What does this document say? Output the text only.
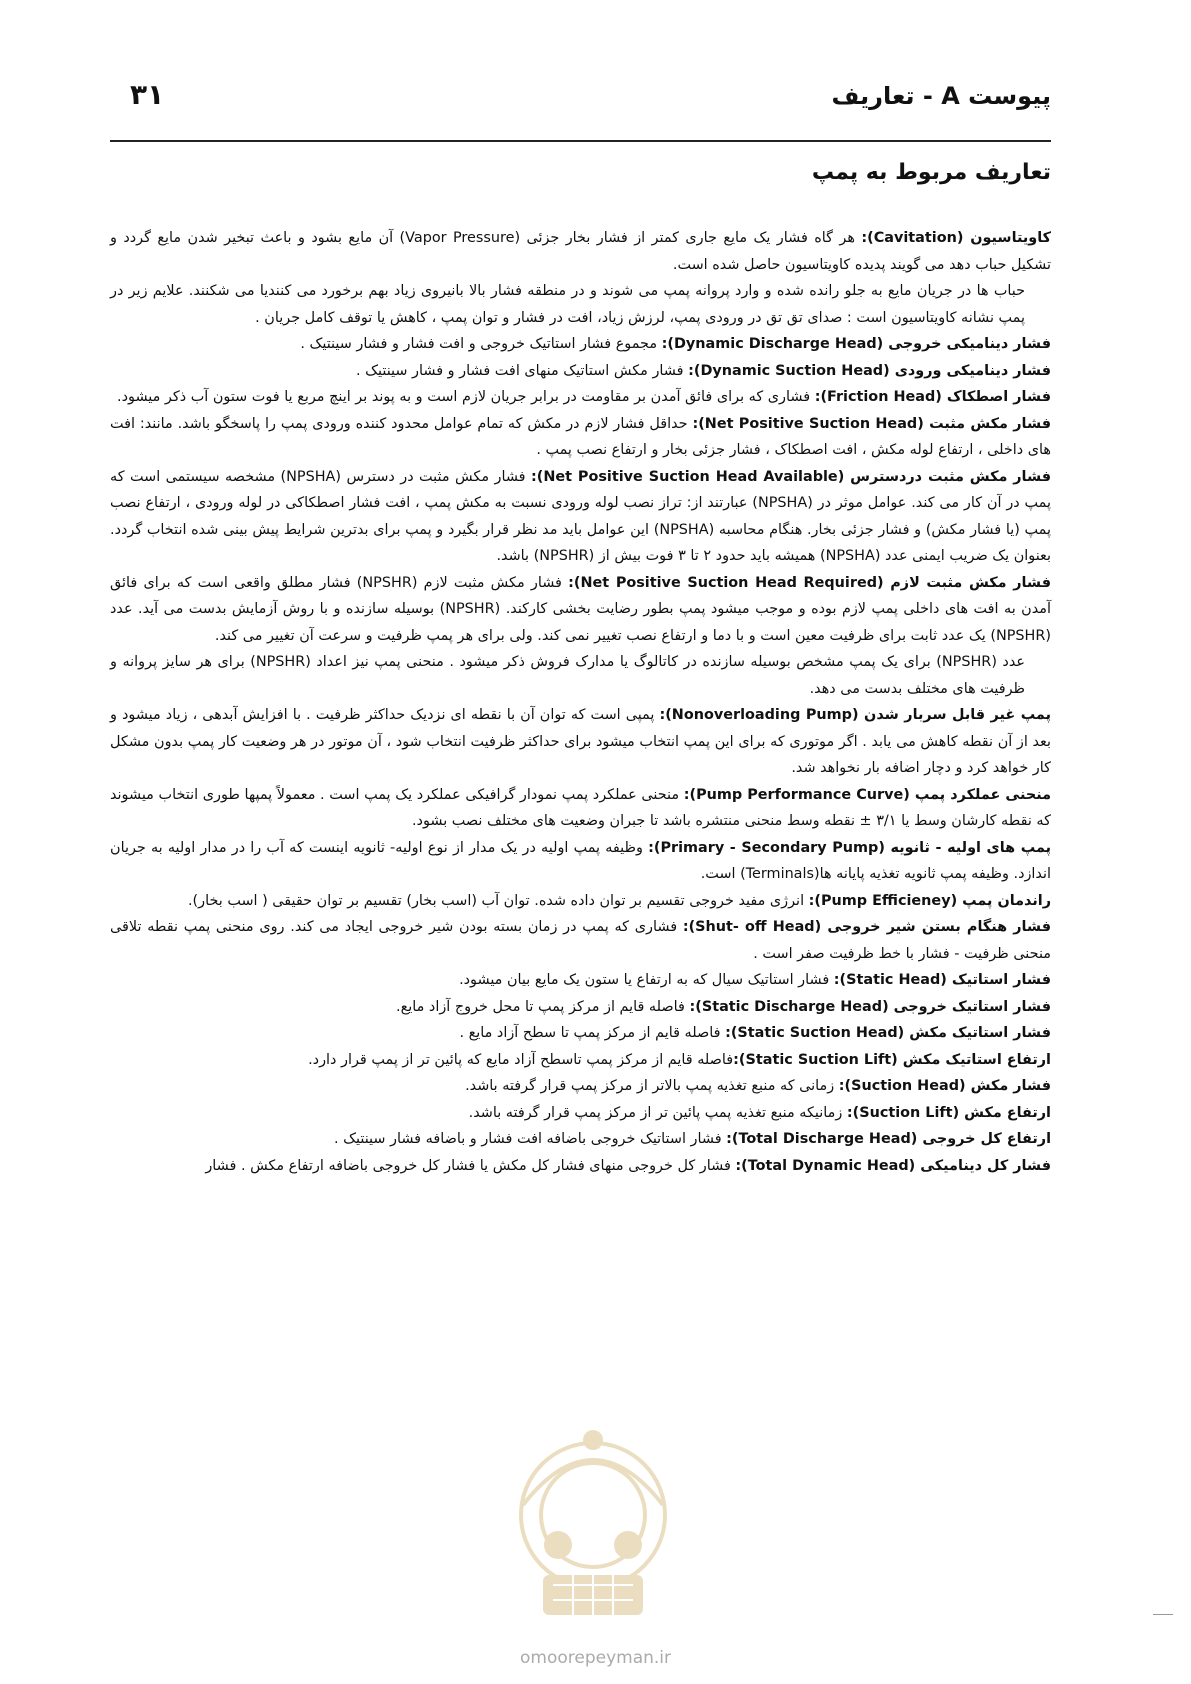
پیوست A - تعاریف
۳۱
تعاریف مربوط به پمپ

کاویتاسیون (Cavitation): هر گاه فشار یک مایع جاری کمتر از فشار بخار جزئی (Vapor Pressure) آن مایع بشود و باعث تبخیر شدن مایع گردد و تشکیل حباب دهد می گویند پدیده کاویتاسیون حاصل شده است.

حباب ها در جریان مایع به جلو رانده شده و وارد پروانه پمپ می شوند و در منطقه فشار بالا بانیروی زیاد بهم برخورد می کنندیا می شکنند. علایم زیر در پمپ نشانه کاویتاسیون است : صدای تق تق در ورودی پمپ، لرزش زیاد، افت در فشار و توان پمپ ، کاهش یا توقف کامل جریان .

فشار دینامیکی خروجی (Dynamic Discharge Head): مجموع فشار استاتیک خروجی و افت فشار و فشار سینتیک .

فشار دینامیکی ورودی (Dynamic Suction Head): فشار مکش استاتیک منهای افت فشار و فشار سینتیک .

فشار اصطکاک (Friction Head): فشاری که برای فائق آمدن بر مقاومت در برابر جریان لازم است و به پوند بر اینچ مربع یا فوت ستون آب ذکر میشود.

فشار مکش مثبت (Net Positive Suction Head): حداقل فشار لازم در مکش که تمام عوامل محدود کننده ورودی پمپ را پاسخگو باشد. مانند: افت های داخلی ، ارتفاع لوله مکش ، افت اصطکاک ، فشار جزئی بخار و ارتفاع نصب پمپ .

فشار مکش مثبت دردسترس (Net Positive Suction Head Available): فشار مکش مثبت در دسترس (NPSHA) مشخصه سیستمی است که پمپ در آن کار می کند. عوامل موثر در (NPSHA) عبارتند از: تراز نصب لوله ورودی نسبت به مکش پمپ ، افت فشار اصطکاکی در لوله ورودی ، ارتفاع نصب پمپ (یا فشار مکش) و فشار جزئی بخار. هنگام محاسبه (NPSHA) این عوامل باید مد نظر قرار بگیرد و پمپ برای بدترین شرایط پیش بینی شده انتخاب گردد. بعنوان یک ضریب ایمنی عدد (NPSHA) همیشه باید حدود ۲ تا ۳ فوت بیش از (NPSHR) باشد.

فشار مکش مثبت لازم (Net Positive Suction Head Required): فشار مکش مثبت لازم (NPSHR) فشار مطلق واقعی است که برای فائق آمدن به افت های داخلی پمپ لازم بوده و موجب میشود پمپ بطور رضایت بخشی کارکند. (NPSHR) بوسیله سازنده و با روش آزمایش بدست می آید. عدد (NPSHR) یک عدد ثابت برای ظرفیت معین است و با دما و ارتفاع نصب تغییر نمی کند. ولی برای هر پمپ ظرفیت و سرعت آن تغییر می کند.

عدد (NPSHR) برای یک پمپ مشخص بوسیله سازنده در کاتالوگ یا مدارک فروش ذکر میشود . منحنی پمپ نیز اعداد (NPSHR) برای هر سایز پروانه و ظرفیت های مختلف بدست می دهد.

پمپ غیر قابل سربار شدن (Nonoverloading Pump): پمپی است که توان آن با نقطه ای نزدیک حداکثر ظرفیت . با افزایش آبدهی ، زیاد میشود و بعد از آن نقطه کاهش می یابد . اگر موتوری که برای این پمپ انتخاب میشود برای حداکثر ظرفیت انتخاب شود ، آن موتور در هر وضعیت کار پمپ بدون مشکل کار خواهد کرد و دچار اضافه بار نخواهد شد.

منحنی عملکرد پمپ (Pump Performance Curve): منحنی عملکرد پمپ نمودار گرافیکی عملکرد یک پمپ است . معمولاً پمپها طوری انتخاب میشوند که نقطه کارشان وسط یا ۳/۱ ± نقطه وسط منحنی منتشره باشد تا جبران وضعیت های مختلف نصب بشود.

پمپ های اولیه - ثانویه (Primary - Secondary Pump): وظیفه پمپ اولیه در یک مدار از نوع اولیه- ثانویه اینست که آب را در مدار اولیه به جریان اندازد. وظیفه پمپ ثانویه تغذیه پایانه ها(Terminals) است.

راندمان پمپ (Pump Efficieney): انرژی مفید خروجی تقسیم بر توان داده شده. توان آب (اسب بخار) تقسیم بر توان حقیقی ( اسب بخار).

فشار هنگام بستن شیر خروجی (Shut- off Head): فشاری که پمپ در زمان بسته بودن شیر خروجی ایجاد می کند. روی منحنی پمپ نقطه تلاقی منحنی ظرفیت - فشار با خط ظرفیت صفر است .

فشار استاتیک (Static Head): فشار استاتیک سیال که به ارتفاع یا ستون یک مایع بیان میشود.

فشار استاتیک خروجی (Static Discharge Head): فاصله قایم از مرکز پمپ تا محل خروج آزاد مایع.

فشار استاتیک مکش (Static Suction Head): فاصله قایم از مرکز پمپ تا سطح آزاد مایع .

ارتفاع استاتیک مکش (Static Suction Lift):فاصله قایم از مرکز پمپ تاسطح آزاد مایع که پائین تر از پمپ قرار دارد.

فشار مکش (Suction Head): زمانی که منبع تغذیه پمپ بالاتر از مرکز پمپ قرار گرفته باشد.

ارتفاع مکش (Suction Lift): زمانیکه منبع تغذیه پمپ پائین تر از مرکز پمپ قرار گرفته باشد.

ارتفاع کل خروجی (Total Discharge Head): فشار استاتیک خروجی باضافه افت فشار و باضافه فشار سینتیک .

فشار کل دینامیکی (Total Dynamic Head): فشار کل خروجی منهای فشار کل مکش یا فشار کل خروجی باضافه ارتفاع مکش . فشار

omoorepeyman.ir
